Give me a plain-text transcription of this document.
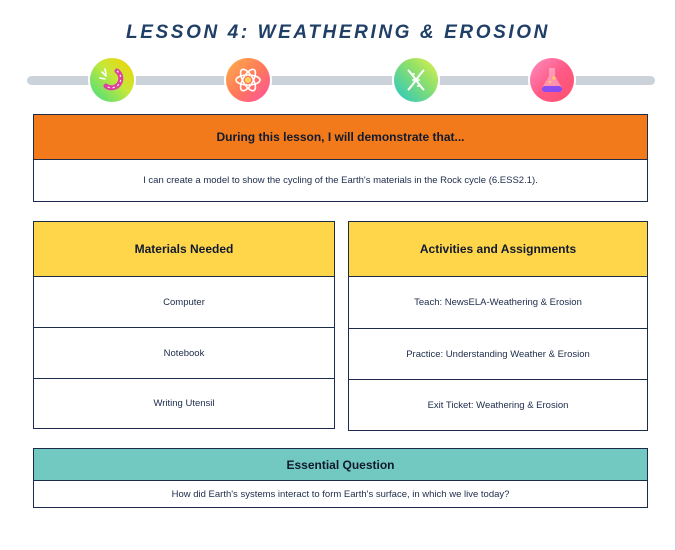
LESSON 4: WEATHERING & EROSION
During this lesson, I will demonstrate that...
I can create a model to show the cycling of the Earth's materials in the Rock cycle (6.ESS2.1).
Materials Needed
Computer
Notebook
Writing Utensil
Activities and Assignments
Teach: NewsELA-Weathering & Erosion
Practice: Understanding Weather & Erosion
Exit Ticket: Weathering & Erosion
Essential Question
How did Earth's systems interact to form Earth's surface, in which we live today?
